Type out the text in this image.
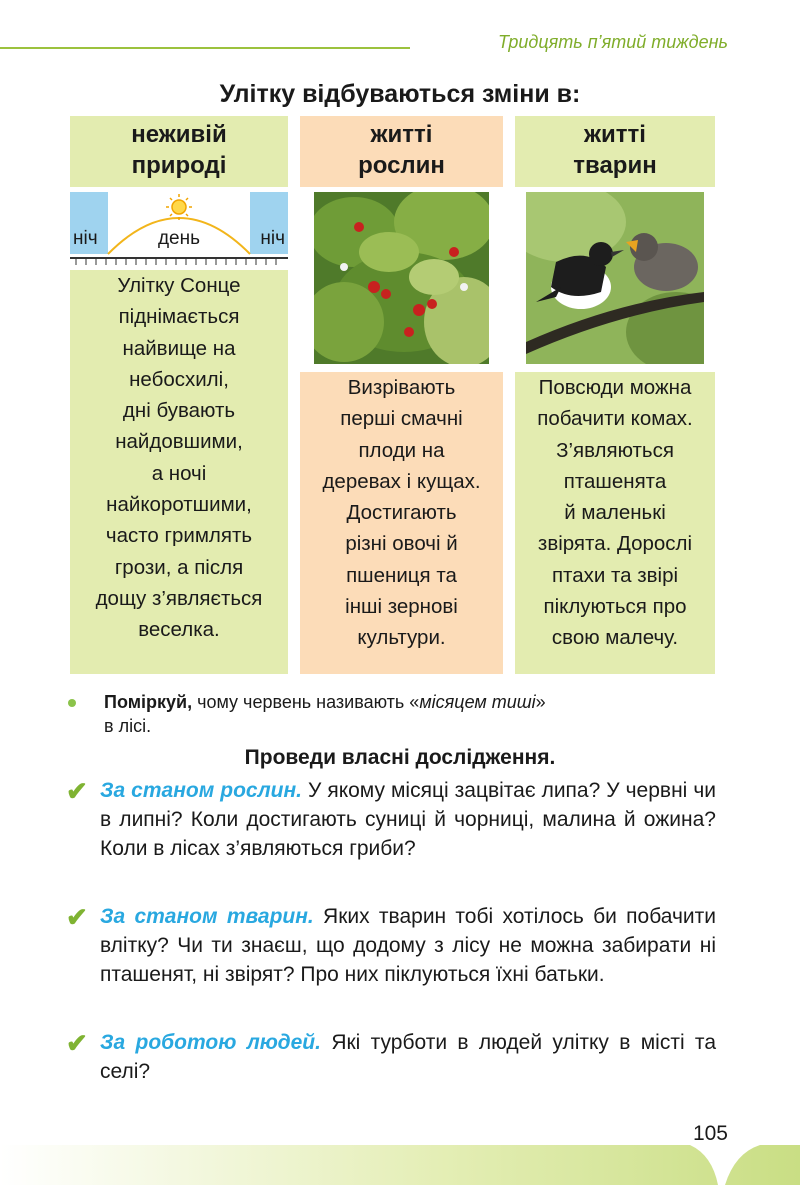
Тридцять п’ятий тиждень
Улітку відбуваються зміни в:
неживій
природі
ніч	день	ніч
Улітку Сонце
піднімається
найвище на
небосхилі,
дні бувають
найдовшими,
а ночі
найкоротшими,
часто гримлять
грози, а після
дощу з’являється
веселка.
житті
рослин
Визрівають
перші смачні
плоди на
деревах і кущах.
Достигають
різні овочі й
пшениця та
інші зернові
культури.
житті
тварин
Повсюди можна
побачити комах.
З’являються
пташенята
й маленькі
звірята. Дорослі
птахи та звірі
піклуються про
свою малечу.
Поміркуй, чому червень називають «місяцем тиші»
в лісі.
Проведи власні дослідження.
✔ За станом рослин. У якому місяці зацвітає липа? У червні чи в липні? Коли достигають суниці й чорниці, малина й ожина? Коли в лісах з’являються гриби?
✔ За станом тварин. Яких тварин тобі хотілось би побачити влітку? Чи ти знаєш, що додому з лісу не можна забирати ні пташенят, ні звірят? Про них піклуються їхні батьки.
✔ За роботою людей. Які турботи в людей улітку в місті та селі?
105
